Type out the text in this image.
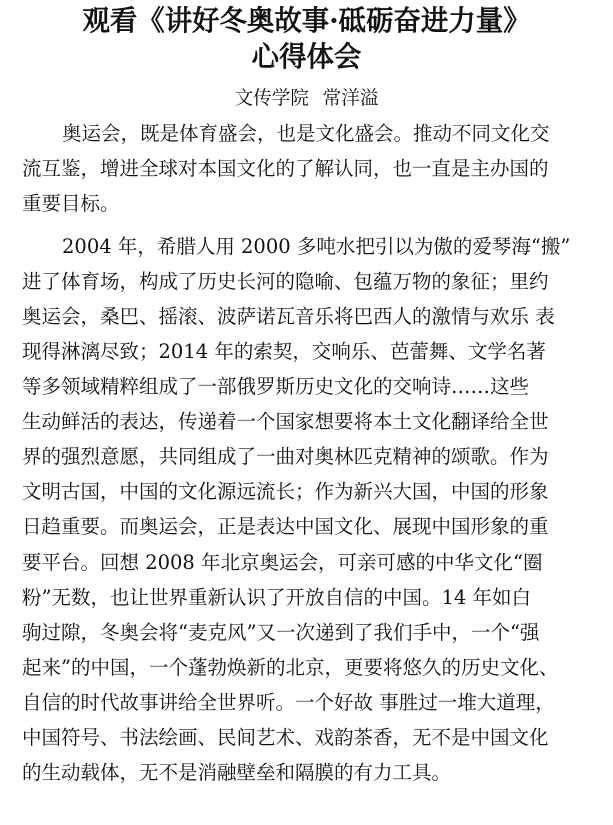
观看《讲好冬奥故事·砥砺奋进力量》
心得体会
文传学院 常洋溢

奥运会，既是体育盛会，也是文化盛会。推动不同文化交

流互鉴，增进全球对本国文化的了解认同，也一直是主办国的

重要目标。

2004 年，希腊人用 2000 多吨水把引以为傲的爱琴海“搬”

进了体育场，构成了历史长河的隐喻、包蕴万物的象征；里约

奥运会，桑巴、摇滚、波萨诺瓦音乐将巴西人的激情与欢乐 表

现得淋漓尽致；2014 年的索契，交响乐、芭蕾舞、文学名著

等多领域精粹组成了一部俄罗斯历史文化的交响诗……这些

生动鲜活的表达，传递着一个国家想要将本土文化翻译给全世

界的强烈意愿，共同组成了一曲对奥林匹克精神的颂歌。作为

文明古国，中国的文化源远流长；作为新兴大国，中国的形象

日趋重要。而奥运会，正是表达中国文化、展现中国形象的重

要平台。回想 2008 年北京奥运会，可亲可感的中华文化“圈

粉”无数，也让世界重新认识了开放自信的中国。14 年如白

驹过隙，冬奥会将“麦克风”又一次递到了我们手中，一个“强

起来”的中国，一个蓬勃焕新的北京，更要将悠久的历史文化、

自信的时代故事讲给全世界听。一个好故 事胜过一堆大道理，

中国符号、书法绘画、民间艺术、戏韵茶香，无不是中国文化

的生动载体，无不是消融壁垒和隔膜的有力工具。
